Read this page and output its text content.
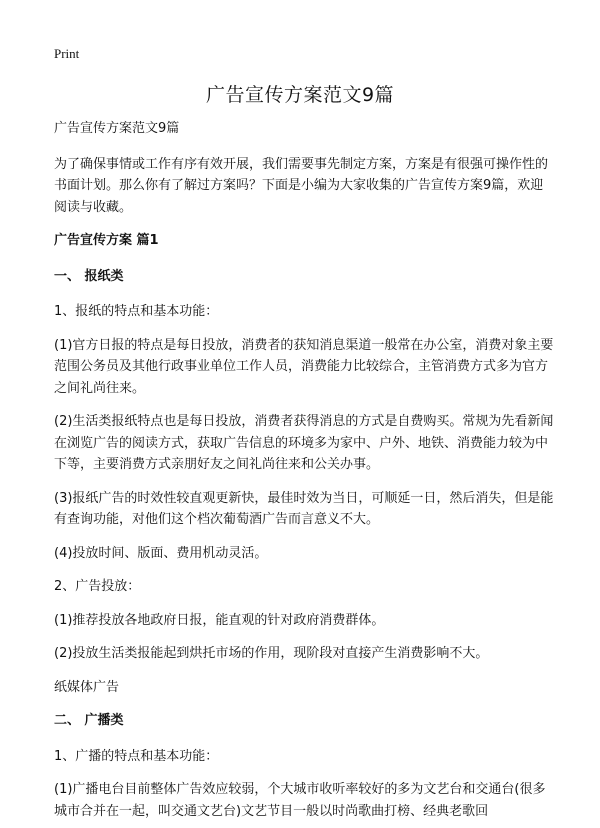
Print
广告宣传方案范文9篇

广告宣传方案范文9篇

为了确保事情或工作有序有效开展，我们需要事先制定方案，方案是有很强可操作性的书面计划。那么你有了解过方案吗？下面是小编为大家收集的广告宣传方案9篇，欢迎阅读与收藏。

广告宣传方案 篇1

一、 报纸类

1、报纸的特点和基本功能：

(1)官方日报的特点是每日投放，消费者的获知消息渠道一般常在办公室，消费对象主要范围公务员及其他行政事业单位工作人员，消费能力比较综合，主管消费方式多为官方之间礼尚往来。

(2)生活类报纸特点也是每日投放，消费者获得消息的方式是自费购买。常规为先看新闻在浏览广告的阅读方式，获取广告信息的环境多为家中、户外、地铁、消费能力较为中下等，主要消费方式亲朋好友之间礼尚往来和公关办事。

(3)报纸广告的时效性较直观更新快，最佳时效为当日，可顺延一日，然后消失，但是能有查询功能，对他们这个档次葡萄酒广告而言意义不大。

(4)投放时间、版面、费用机动灵活。

2、广告投放：

(1)推荐投放各地政府日报，能直观的针对政府消费群体。

(2)投放生活类报能起到烘托市场的作用，现阶段对直接产生消费影响不大。

纸媒体广告

二、 广播类

1、广播的特点和基本功能：

(1)广播电台目前整体广告效应较弱，个大城市收听率较好的多为文艺台和交通台(很多城市合并在一起，叫交通文艺台)文艺节目一般以时尚歌曲打榜、经典老歌回
